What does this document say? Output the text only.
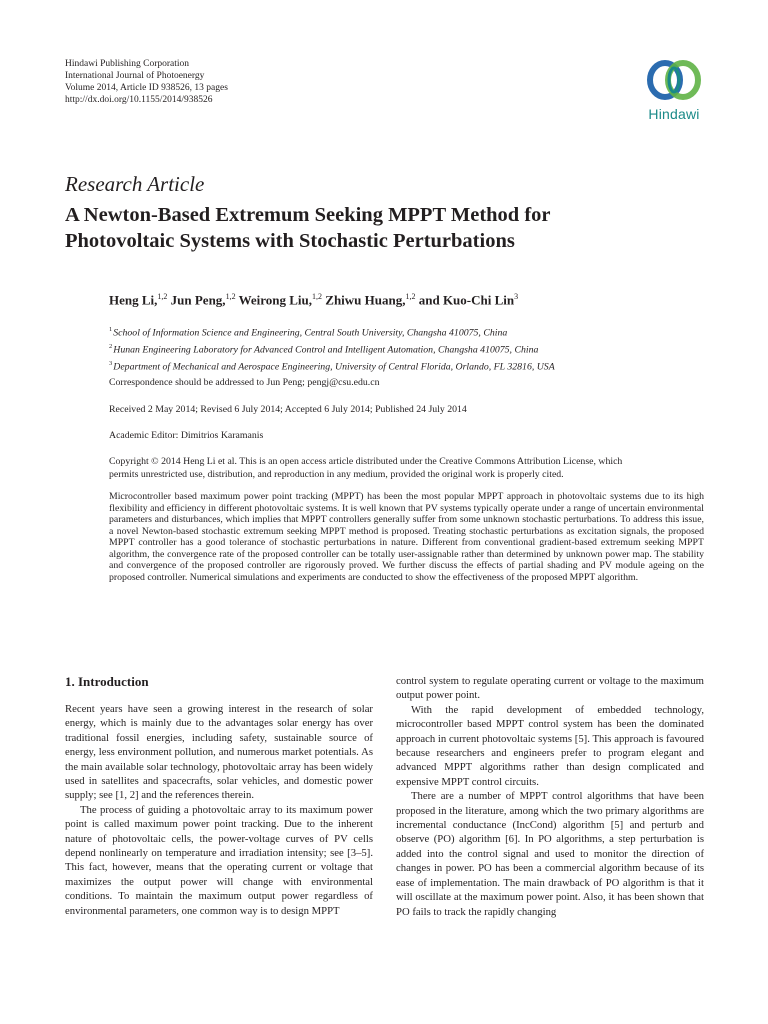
Hindawi Publishing Corporation
International Journal of Photoenergy
Volume 2014, Article ID 938526, 13 pages
http://dx.doi.org/10.1155/2014/938526
Hindawi
Research Article
A Newton-Based Extremum Seeking MPPT Method for
Photovoltaic Systems with Stochastic Perturbations
Heng Li,$^{1,2}$ Jun Peng,$^{1,2}$ Weirong Liu,$^{1,2}$ Zhiwu Huang,$^{1,2}$ and Kuo-Chi Lin$^3$
$^1$School of Information Science and Engineering, Central South University, Changsha 410075, China
$^2$Hunan Engineering Laboratory for Advanced Control and Intelligent Automation, Changsha 410075, China
$^3$Department of Mechanical and Aerospace Engineering, University of Central Florida, Orlando, FL 32816, USA
Correspondence should be addressed to Jun Peng; pengj@csu.edu.cn
Received 2 May 2014; Revised 6 July 2014; Accepted 6 July 2014; Published 24 July 2014
Academic Editor: Dimitrios Karamanis
Copyright © 2014 Heng Li et al. This is an open access article distributed under the Creative Commons Attribution License, which
permits unrestricted use, distribution, and reproduction in any medium, provided the original work is properly cited.
Microcontroller based maximum power point tracking (MPPT) has been the most popular MPPT approach in photovoltaic systems due to its high flexibility and efficiency in different photovoltaic systems. It is well known that PV systems typically operate under a range of uncertain environmental parameters and disturbances, which implies that MPPT controllers generally suffer from some unknown stochastic perturbations. To address this issue, a novel Newton-based stochastic extremum seeking MPPT method is proposed. Treating stochastic perturbations as excitation signals, the proposed MPPT controller has a good tolerance of stochastic perturbations in nature. Different from conventional gradient-based extremum seeking MPPT algorithm, the convergence rate of the proposed controller can be totally user-assignable rather than determined by unknown power map. The stability and convergence of the proposed controller are rigorously proved. We further discuss the effects of partial shading and PV module ageing on the proposed controller. Numerical simulations and experiments are conducted to show the effectiveness of the proposed MPPT algorithm.
1. Introduction

Recent years have seen a growing interest in the research of solar energy, which is mainly due to the advantages solar energy has over traditional fossil energies, including safety, sustainable source of energy, less environment pollution, and numerous market potentials. As the main available solar technology, photovoltaic array has been widely used in satellites and spacecrafts, solar vehicles, and domestic power supply; see [1, 2] and the references therein.

The process of guiding a photovoltaic array to its maximum power point is called maximum power point tracking. Due to the inherent nature of photovoltaic cells, the power-voltage curves of PV cells depend nonlinearly on temperature and irradiation intensity; see [3–5]. This fact, however, means that the operating current or voltage that maximizes the output power will change with environmental conditions. To maintain the maximum output power regardless of environmental parameters, one common way is to design MPPT

control system to regulate operating current or voltage to the maximum output power point.

With the rapid development of embedded technology, microcontroller based MPPT control system has been the dominated approach in current photovoltaic systems [5]. This approach is favoured because researchers and engineers prefer to program elegant and advanced MPPT algorithms rather than design complicated and expensive MPPT control circuits.

There are a number of MPPT control algorithms that have been proposed in the literature, among which the two primary algorithms are incremental conductance (IncCond) algorithm [5] and perturb and observe (PO) algorithm [6]. In PO algorithms, a step perturbation is added into the control signal and used to monitor the direction of changes in power. PO has been a commercial algorithm because of its ease of implementation. The main drawback of PO algorithm is that it will oscillate at the maximum power point. Also, it has been shown that PO fails to track the rapidly changing
